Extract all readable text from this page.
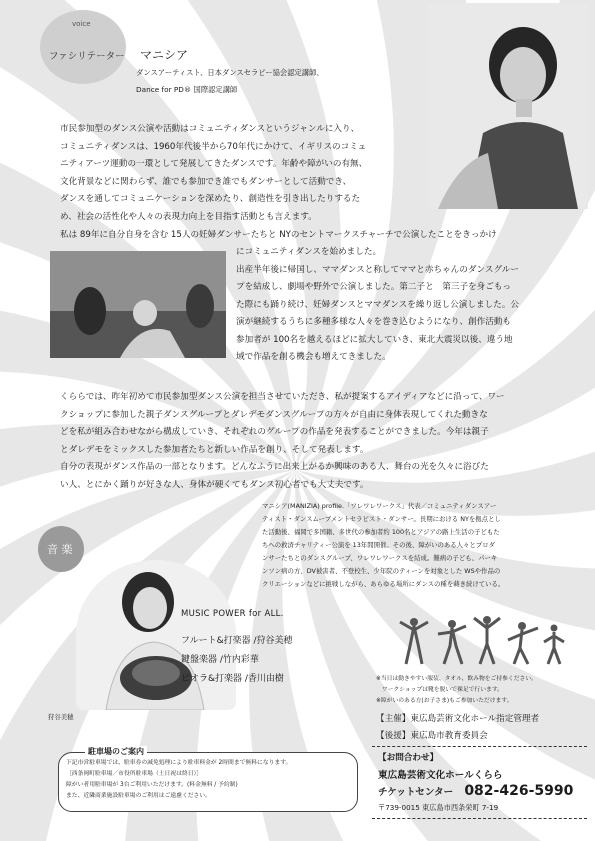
voice
ファシリテーター マニシア
ダンスアーティスト、日本ダンスセラピー協会認定講師、
Dance for PD® 国際認定講師

市民参加型のダンス公演や活動はコミュニティダンスというジャンルに入り、

コミュニティダンスは、1960年代後半から70年代にかけて、イギリスのコミュ

ニティアーツ運動の一環として発展してきたダンスです。年齢や障がいの有無、

文化背景などに関わらず、誰でも参加でき誰でもダンサーとして活動でき、

ダンスを通してコミュニケーションを深めたり、創造性を引き出したりするた

め、社会の活性化や人々の表現力向上を目指す活動とも言えます。

私は 89年に自分自身を含む 15人の妊婦ダンサーたちと NYのセントマークスチャーチで公演したことをきっかけ

にコミュニティダンスを始めました。

出産半年後に帰国し、ママダンスと称してママと赤ちゃんのダンスグルー

プを結成し、劇場や野外で公演しました。第二子と　第三子を身ごもっ

た際にも踊り続け、妊婦ダンスとママダンスを繰り返し公演しました。公

演が継続するうちに多種多様な人々を巻き込むようになり、創作活動も

参加者が 100名を越えるほどに拡大していき、東北大震災以後、違う地

域で作品を創る機会も増えてきました。

くららでは、昨年初めて市民参加型ダンス公演を担当させていただき、私が提案するアイディアなどに沿って、ワー

クショップに参加した親子ダンスグループとダレデモダンスグループの方々が自由に身体表現してくれた動きな

どを私が組み合わせながら構成していき、それぞれのグループの作品を発表することができました。今年は親子

とダレデモをミックスした参加者たちと新しい作品を創り、そして発表します。

自分の表現がダンス作品の一部となります。どんなふうに出来上がるか興味のある人、舞台の光を久々に浴びた

い人、とにかく踊りが好きな人、身体が硬くてもダンス初心者でも大丈夫です。

マニシア(MANIZIA) profile.「ワレワレワークス」代表／コミュニティダンスアー

ティスト・ダンスムーブメントセラピスト・ダンサー。長期における NYを拠点とし

た活動後、福岡で多国籍、多世代の参加者約 100名とアジアの路上生活の子どもた

ちへの救済チャリティー公演を 13年間開催。その後、障がいのある人々とプロダ

ンサーたちとのダンスグループ、ワレワレワークスを結成。難病の子ども、パーキ

ンソン病の方、DV被害者、不登校生、少年院のティーンを対象とした WSや作品の

クリエーションなどに挑戦しながら、あらゆる場所にダンスの種を蒔き続けている。

音 楽
狩谷美穂
MUSIC POWER for ALL.
フルート&打楽器 /狩谷美穂
鍵盤楽器 /竹内彩華
ピオラ&打楽器 /香川由樹	※当日は動きやすい服装、タオル、飲み物をご持参ください。

　ワークショップは靴を脱いで裸足で行います。

※障がいのある方(お子さま)もご参加いただけます。

【主催】東広島芸術文化ホール指定管理者
【後援】東広島市教育委員会
駐車場のご案内

下記市営駐車場では、駐車券の減免処理により駐車料金が 2時間まで無料になります。

［西条岡町駐車場／市役所駐車場（土日祝は終日）］

障がい者用駐車場が 3台ご利用いただけます。(料金無料 / 予約制)

また、近隣商業施設駐車場のご利用はご遠慮ください。

【お問合わせ】
東広島芸術文化ホールくらら
チケットセンター 082-426-5990
〒739-0015 東広島市西条栄町 7-19
